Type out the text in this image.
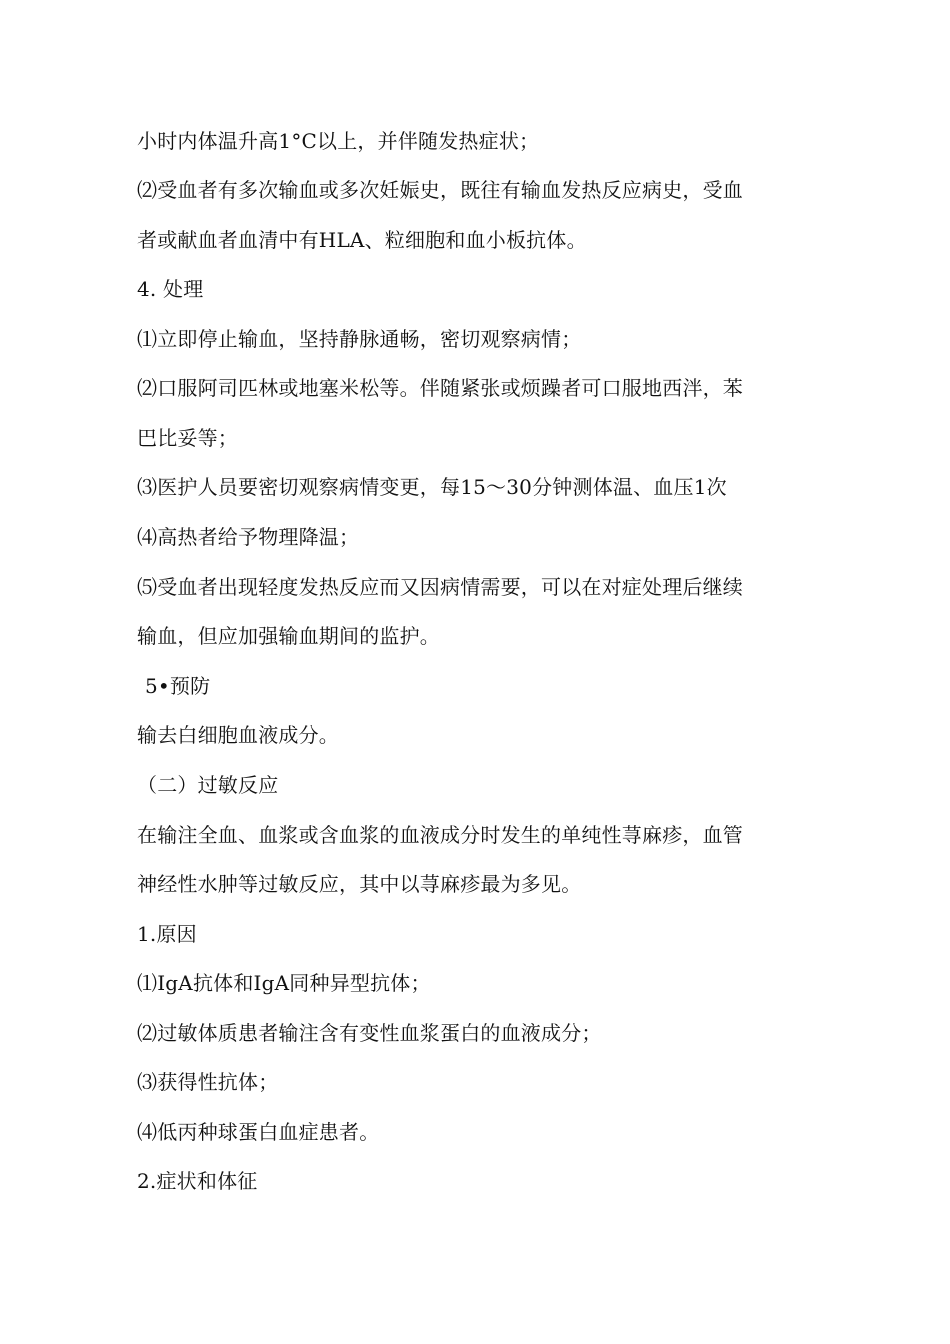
小时内体温升高1°C以上，并伴随发热症状；
⑵受血者有多次输血或多次妊娠史，既往有输血发热反应病史，受血
者或献血者血清中有HLA、粒细胞和血小板抗体。
4. 处理
⑴立即停止输血，坚持静脉通畅，密切观察病情；
⑵口服阿司匹林或地塞米松等。伴随紧张或烦躁者可口服地西泮，苯
巴比妥等；
⑶医护人员要密切观察病情变更，每15〜30分钟测体温、血压1次
⑷高热者给予物理降温；
⑸受血者出现轻度发热反应而又因病情需要，可以在对症处理后继续
输血，但应加强输血期间的监护。
5•预防
输去白细胞血液成分。
（二）过敏反应
在输注全血、血浆或含血浆的血液成分时发生的单纯性荨麻疹，血管
神经性水肿等过敏反应，其中以荨麻疹最为多见。
1.原因
⑴IgA抗体和IgA同种异型抗体；
⑵过敏体质患者输注含有变性血浆蛋白的血液成分；
⑶获得性抗体；
⑷低丙种球蛋白血症患者。
2.症状和体征
